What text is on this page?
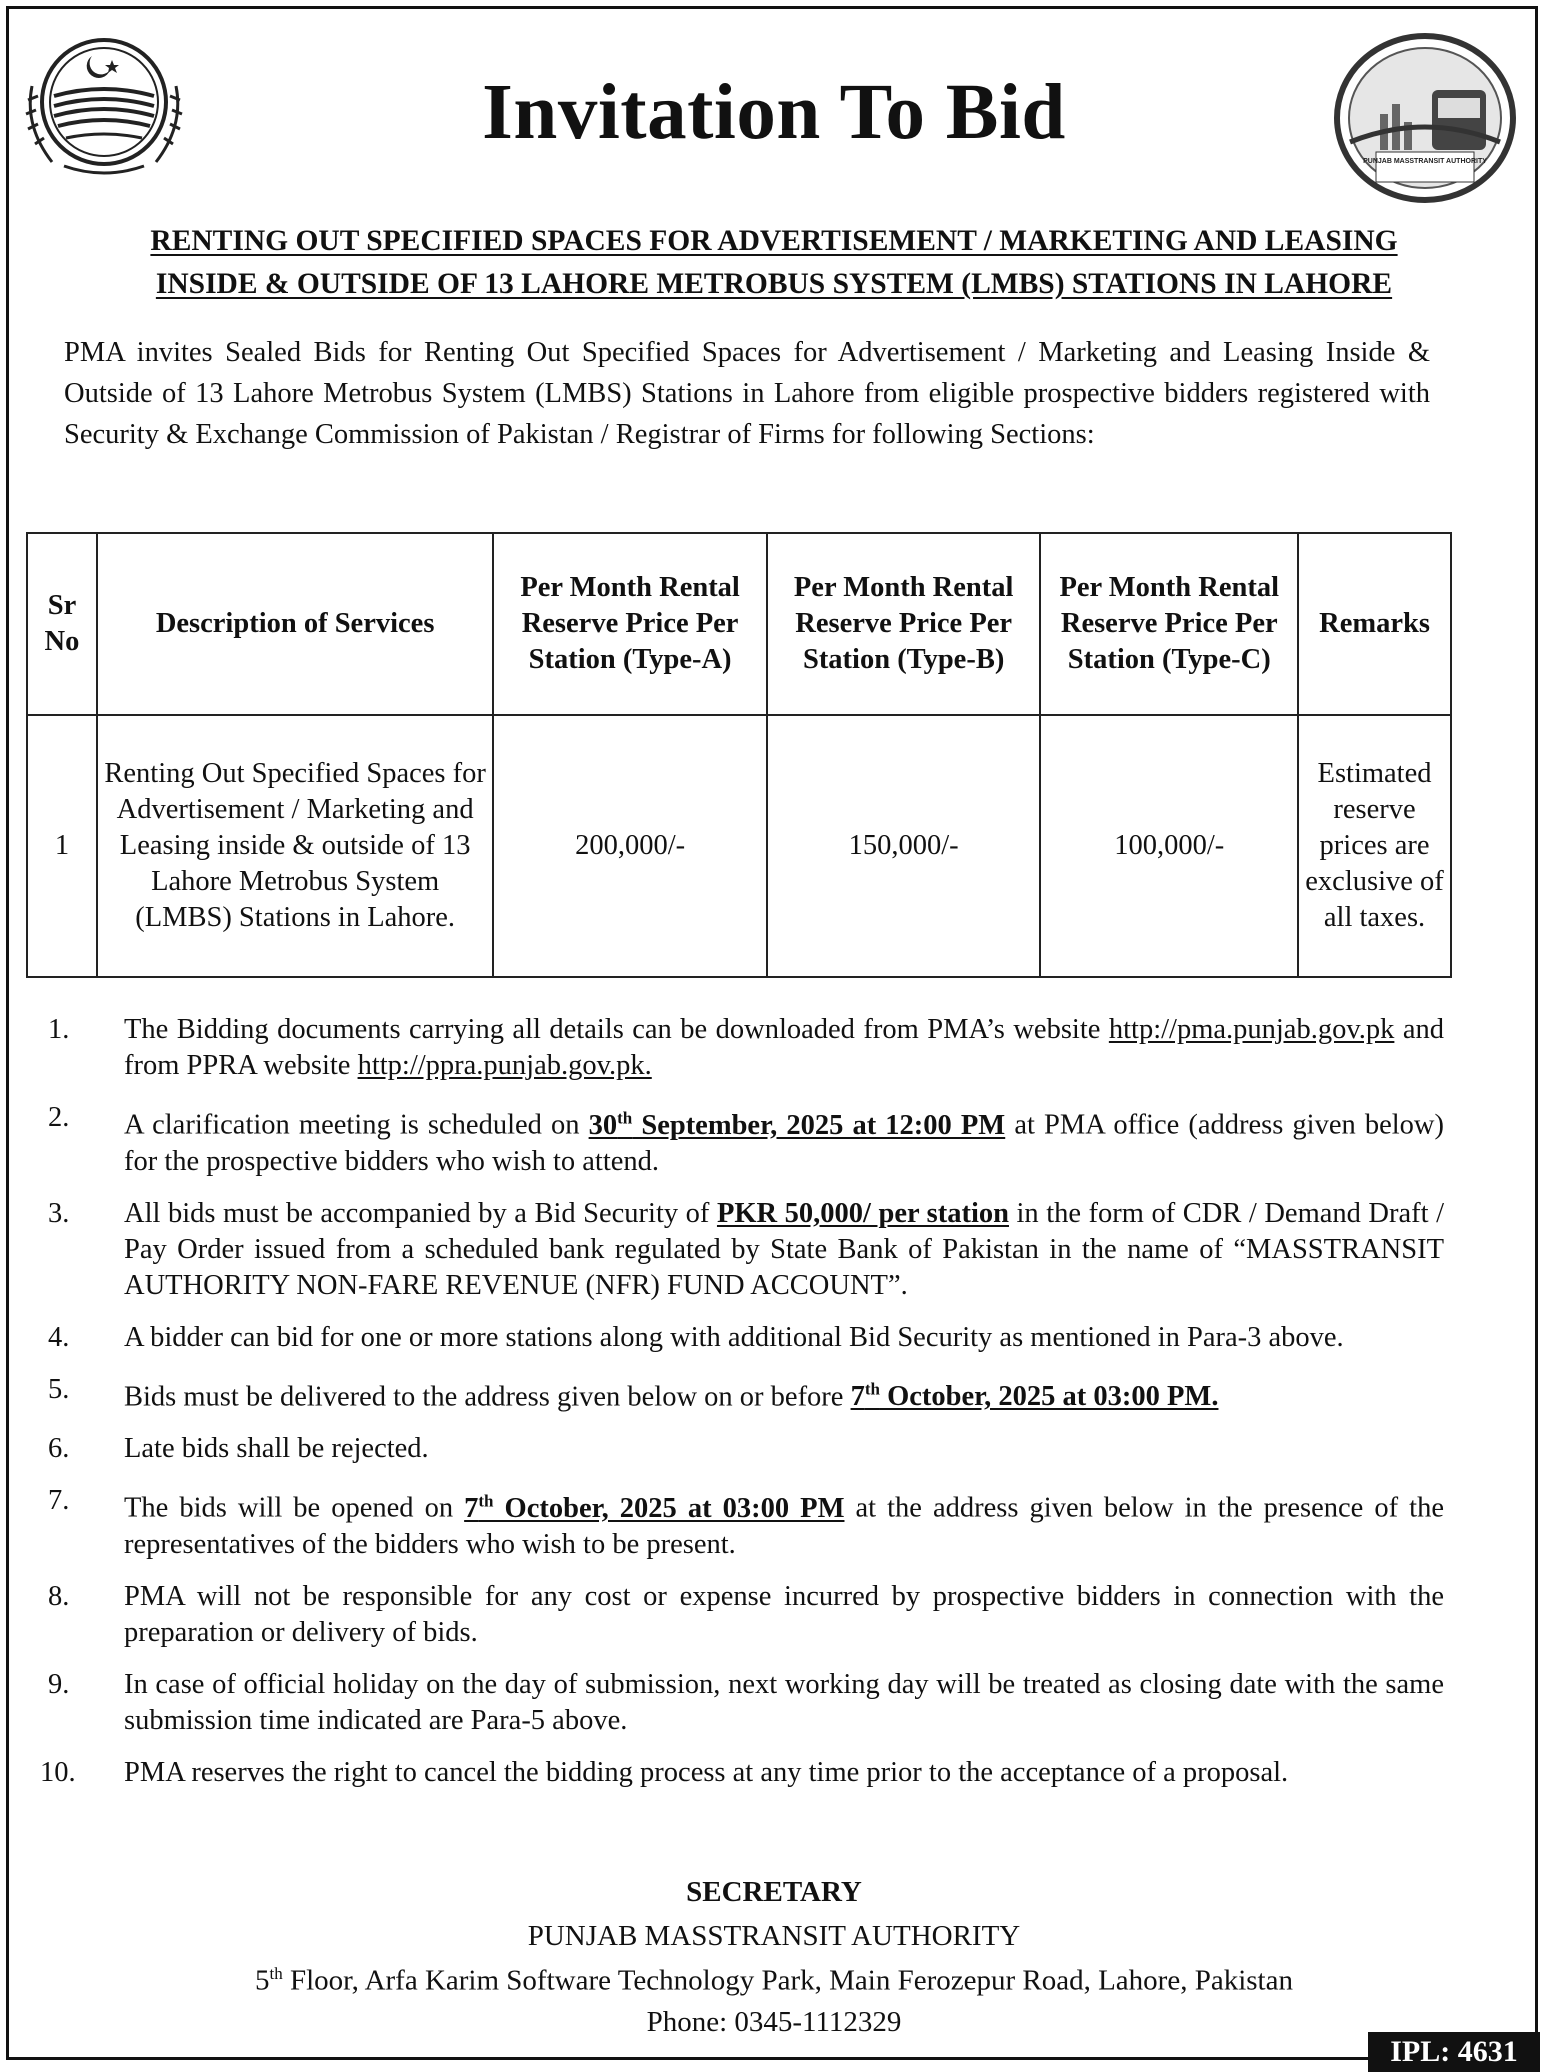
PUNJAB MASSTRANSIT AUTHORITY
Invitation To Bid
RENTING OUT SPECIFIED SPACES FOR ADVERTISEMENT / MARKETING AND LEASING
INSIDE & OUTSIDE OF 13 LAHORE METROBUS SYSTEM (LMBS) STATIONS IN LAHORE

PMA invites Sealed Bids for Renting Out Specified Spaces for Advertisement / Marketing and Leasing Inside & Outside of 13 Lahore Metrobus System (LMBS) Stations in Lahore from eligible prospective bidders registered with Security & Exchange Commission of Pakistan / Registrar of Firms for following Sections:

Sr No	Description of Services	Per Month Rental Reserve Price Per Station (Type-A)	Per Month Rental Reserve Price Per Station (Type-B)	Per Month Rental Reserve Price Per Station (Type-C)	Remarks
1	Renting Out Specified Spaces for Advertisement / Marketing and Leasing inside & outside of 13 Lahore Metrobus System (LMBS) Stations in Lahore.	200,000/-	150,000/-	100,000/-	Estimated reserve prices are exclusive of all taxes.
1. The Bidding documents carrying all details can be downloaded from PMA’s website http://pma.punjab.gov.pk and from PPRA website http://ppra.punjab.gov.pk.
2. A clarification meeting is scheduled on 30th September, 2025 at 12:00 PM at PMA office (address given below) for the prospective bidders who wish to attend.
3. All bids must be accompanied by a Bid Security of PKR 50,000/ per station in the form of CDR / Demand Draft / Pay Order issued from a scheduled bank regulated by State Bank of Pakistan in the name of “MASSTRANSIT AUTHORITY NON-FARE REVENUE (NFR) FUND ACCOUNT”.
4. A bidder can bid for one or more stations along with additional Bid Security as mentioned in Para-3 above.
5. Bids must be delivered to the address given below on or before 7th October, 2025 at 03:00 PM.
6. Late bids shall be rejected.
7. The bids will be opened on 7th October, 2025 at 03:00 PM at the address given below in the presence of the representatives of the bidders who wish to be present.
8. PMA will not be responsible for any cost or expense incurred by prospective bidders in connection with the preparation or delivery of bids.
9. In case of official holiday on the day of submission, next working day will be treated as closing date with the same submission time indicated are Para-5 above.
10. PMA reserves the right to cancel the bidding process at any time prior to the acceptance of a proposal.
SECRETARY
PUNJAB MASSTRANSIT AUTHORITY
5th Floor, Arfa Karim Software Technology Park, Main Ferozepur Road, Lahore, Pakistan
Phone: 0345-1112329
IPL: 4631
